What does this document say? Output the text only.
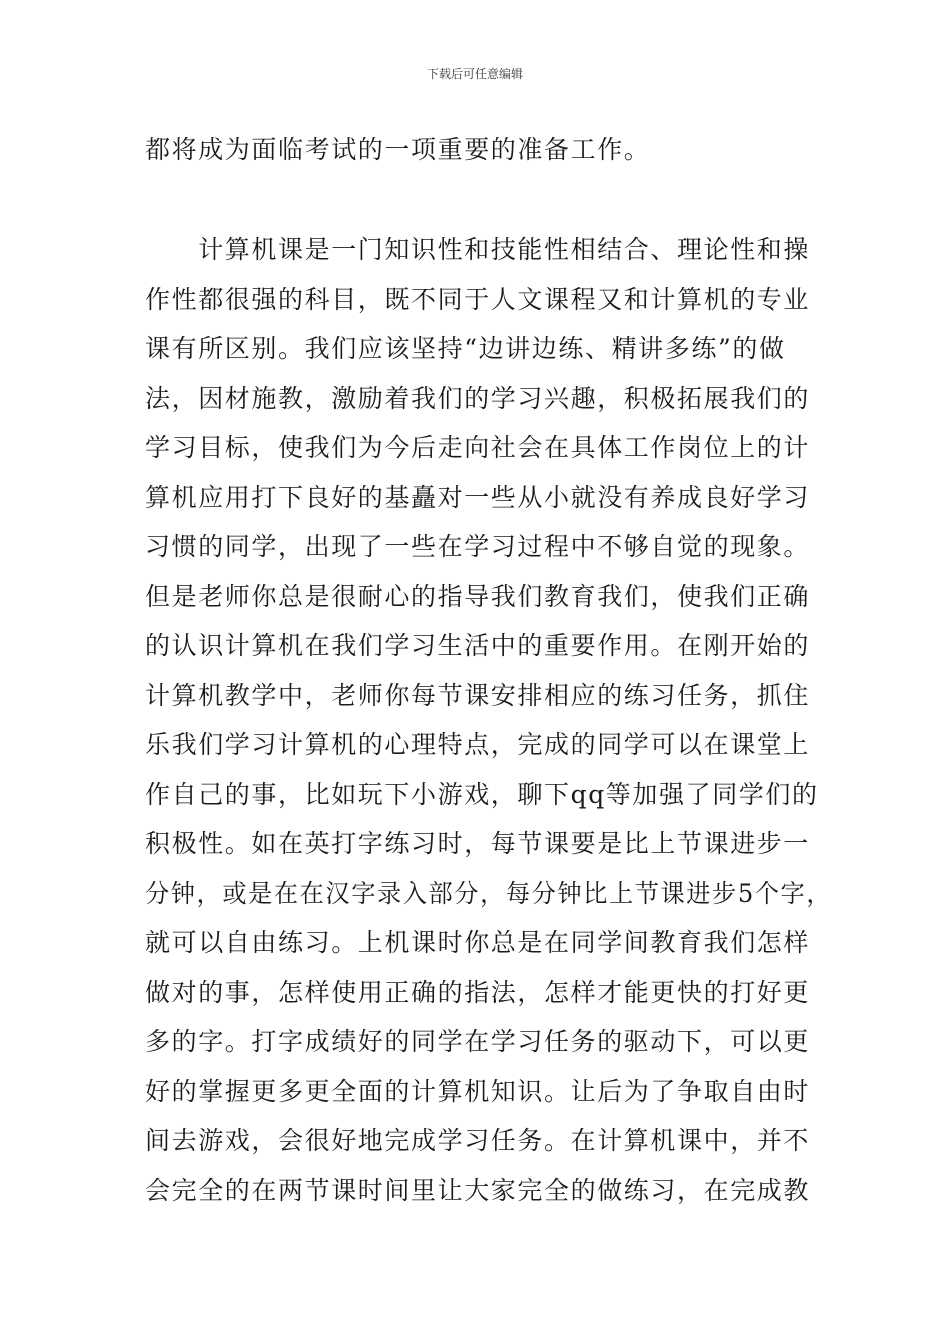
下载后可任意编辑
都将成为面临考试的一项重要的准备工作。
　　计算机课是一门知识性和技能性相结合、理论性和操
作性都很强的科目，既不同于人文课程又和计算机的专业
课有所区别。我们应该坚持“边讲边练、精讲多练”的做
法，因材施教，激励着我们的学习兴趣，积极拓展我们的
学习目标，使我们为今后走向社会在具体工作岗位上的计
算机应用打下良好的基矗对一些从小就没有养成良好学习
习惯的同学，出现了一些在学习过程中不够自觉的现象。
但是老师你总是很耐心的指导我们教育我们，使我们正确
的认识计算机在我们学习生活中的重要作用。在刚开始的
计算机教学中，老师你每节课安排相应的练习任务，抓住
乐我们学习计算机的心理特点，完成的同学可以在课堂上
作自己的事，比如玩下小游戏，聊下qq等加强了同学们的
积极性。如在英打字练习时，每节课要是比上节课进步一
分钟，或是在在汉字录入部分，每分钟比上节课进步5个字，
就可以自由练习。上机课时你总是在同学间教育我们怎样
做对的事，怎样使用正确的指法，怎样才能更快的打好更
多的字。打字成绩好的同学在学习任务的驱动下，可以更
好的掌握更多更全面的计算机知识。让后为了争取自由时
间去游戏，会很好地完成学习任务。在计算机课中，并不
会完全的在两节课时间里让大家完全的做练习，在完成教
